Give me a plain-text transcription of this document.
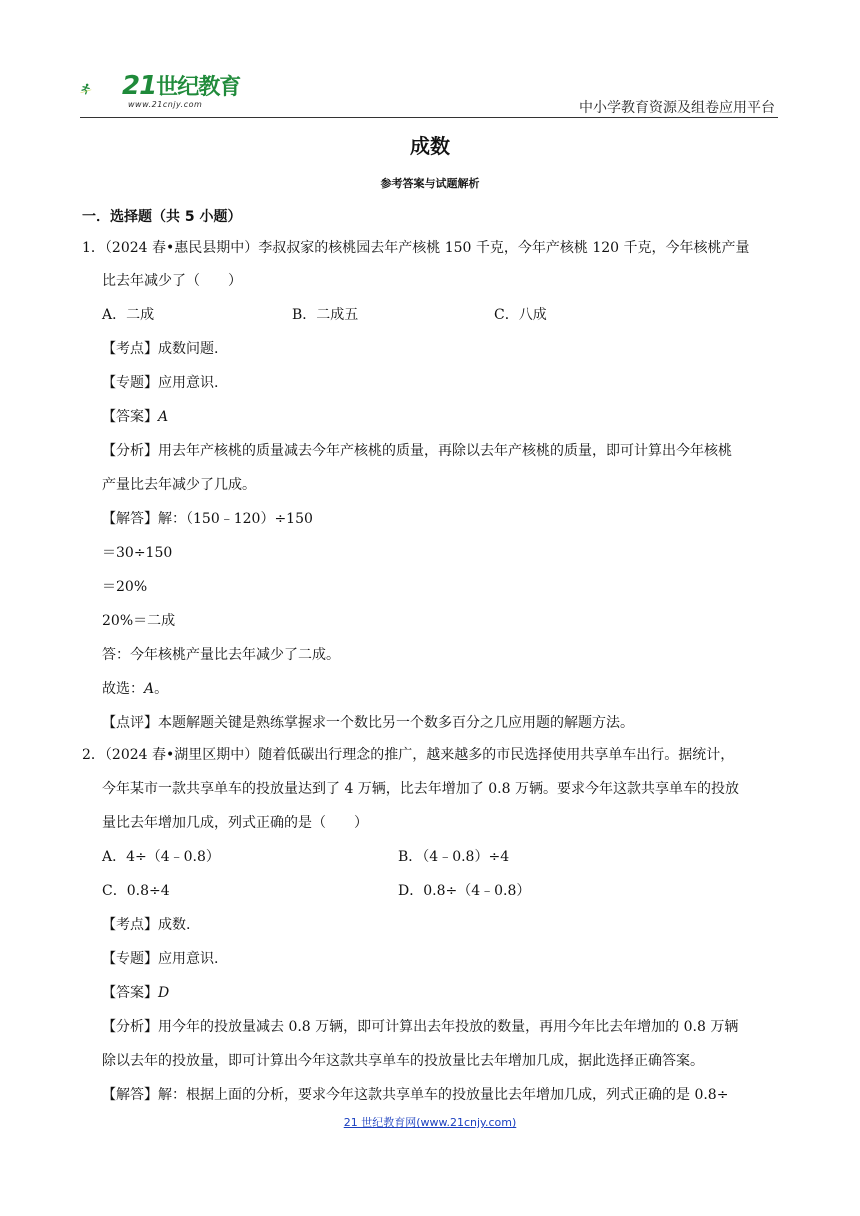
21世纪教育
www.21cnjy.com	中小学教育资源及组卷应用平台
成数
参考答案与试题解析
一．选择题（共 5 小题）
1．（2024 春•惠民县期中）李叔叔家的核桃园去年产核桃 150 千克，今年产核桃 120 千克，今年核桃产量
比去年减少了（　　）
A．二成	B．二成五	C．八成
【考点】成数问题.
【专题】应用意识.
【答案】A
【分析】用去年产核桃的质量减去今年产核桃的质量，再除以去年产核桃的质量，即可计算出今年核桃
产量比去年减少了几成。
【解答】解：（150﹣120）÷150
＝30÷150
＝20%
20%＝二成
答：今年核桃产量比去年减少了二成。
故选：A。
【点评】本题解题关键是熟练掌握求一个数比另一个数多百分之几应用题的解题方法。
2．（2024 春•湖里区期中）随着低碳出行理念的推广，越来越多的市民选择使用共享单车出行。据统计，
今年某市一款共享单车的投放量达到了 4 万辆，比去年增加了 0.8 万辆。要求今年这款共享单车的投放
量比去年增加几成，列式正确的是（　　）
A．4÷（4﹣0.8）	B．（4﹣0.8）÷4
C．0.8÷4	D．0.8÷（4﹣0.8）
【考点】成数.
【专题】应用意识.
【答案】D
【分析】用今年的投放量减去 0.8 万辆，即可计算出去年投放的数量，再用今年比去年增加的 0.8 万辆
除以去年的投放量，即可计算出今年这款共享单车的投放量比去年增加几成，据此选择正确答案。
【解答】解：根据上面的分析，要求今年这款共享单车的投放量比去年增加几成，列式正确的是 0.8÷
21 世纪教育网(www.21cnjy.com)
